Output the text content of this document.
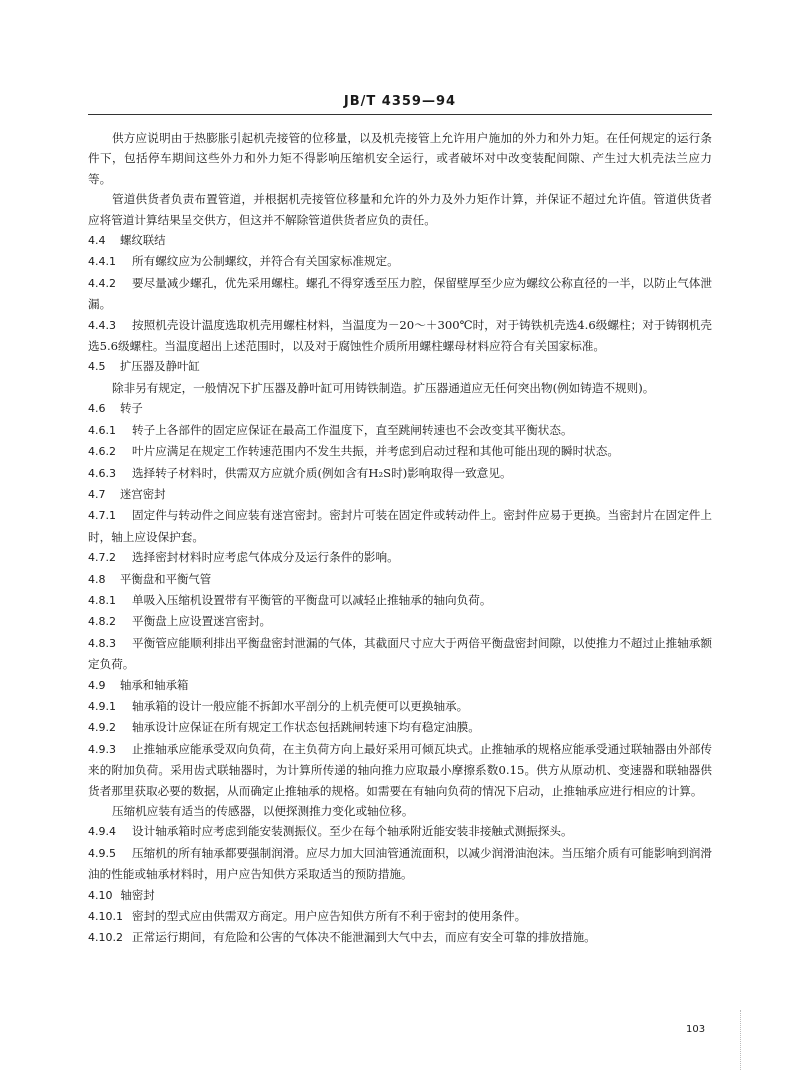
JB/T 4359—94

供方应说明由于热膨胀引起机壳接管的位移量，以及机壳接管上允许用户施加的外力和外力矩。在任何规定的运行条件下，包括停车期间这些外力和外力矩不得影响压缩机安全运行，或者破坏对中改变装配间隙、产生过大机壳法兰应力等。

管道供货者负责布置管道，并根据机壳接管位移量和允许的外力及外力矩作计算，并保证不超过允许值。管道供货者应将管道计算结果呈交供方，但这并不解除管道供货者应负的责任。

4.4 螺纹联结

4.4.1 所有螺纹应为公制螺纹，并符合有关国家标准规定。

4.4.2 要尽量减少螺孔，优先采用螺柱。螺孔不得穿透至压力腔，保留壁厚至少应为螺纹公称直径的一半，以防止气体泄漏。

4.4.3 按照机壳设计温度选取机壳用螺柱材料，当温度为－20～＋300℃时，对于铸铁机壳选4.6级螺柱；对于铸钢机壳选5.6级螺柱。当温度超出上述范围时，以及对于腐蚀性介质所用螺柱螺母材料应符合有关国家标准。

4.5 扩压器及静叶缸

除非另有规定，一般情况下扩压器及静叶缸可用铸铁制造。扩压器通道应无任何突出物(例如铸造不规则)。

4.6 转子

4.6.1 转子上各部件的固定应保证在最高工作温度下，直至跳闸转速也不会改变其平衡状态。

4.6.2 叶片应满足在规定工作转速范围内不发生共振，并考虑到启动过程和其他可能出现的瞬时状态。

4.6.3 选择转子材料时，供需双方应就介质(例如含有H₂S时)影响取得一致意见。

4.7 迷宫密封

4.7.1 固定件与转动件之间应装有迷宫密封。密封片可装在固定件或转动件上。密封件应易于更换。当密封片在固定件上时，轴上应设保护套。

4.7.2 选择密封材料时应考虑气体成分及运行条件的影响。

4.8 平衡盘和平衡气管

4.8.1 单吸入压缩机设置带有平衡管的平衡盘可以减轻止推轴承的轴向负荷。

4.8.2 平衡盘上应设置迷宫密封。

4.8.3 平衡管应能顺利排出平衡盘密封泄漏的气体，其截面尺寸应大于两倍平衡盘密封间隙，以使推力不超过止推轴承额定负荷。

4.9 轴承和轴承箱

4.9.1 轴承箱的设计一般应能不拆卸水平剖分的上机壳便可以更换轴承。

4.9.2 轴承设计应保证在所有规定工作状态包括跳闸转速下均有稳定油膜。

4.9.3 止推轴承应能承受双向负荷，在主负荷方向上最好采用可倾瓦块式。止推轴承的规格应能承受通过联轴器由外部传来的附加负荷。采用齿式联轴器时，为计算所传递的轴向推力应取最小摩擦系数0.15。供方从原动机、变速器和联轴器供货者那里获取必要的数据，从而确定止推轴承的规格。如需要在有轴向负荷的情况下启动，止推轴承应进行相应的计算。

压缩机应装有适当的传感器，以便探测推力变化或轴位移。

4.9.4 设计轴承箱时应考虑到能安装测振仪。至少在每个轴承附近能安装非接触式测振探头。

4.9.5 压缩机的所有轴承都要强制润滑。应尽力加大回油管通流面积，以减少润滑油泡沫。当压缩介质有可能影响到润滑油的性能或轴承材料时，用户应告知供方采取适当的预防措施。

4.10 轴密封

4.10.1 密封的型式应由供需双方商定。用户应告知供方所有不利于密封的使用条件。

4.10.2 正常运行期间，有危险和公害的气体决不能泄漏到大气中去，而应有安全可靠的排放措施。

103
